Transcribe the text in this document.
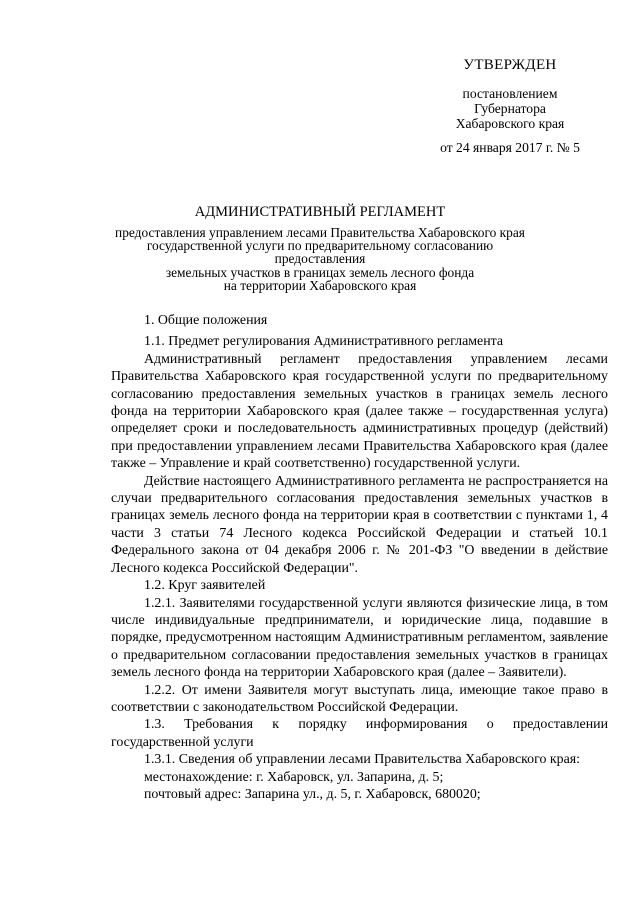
УТВЕРЖДЕН
постановлением
Губернатора
Хабаровского края
от 24 января 2017 г. № 5
АДМИНИСТРАТИВНЫЙ РЕГЛАМЕНТ
предоставления управлением лесами Правительства Хабаровского края
государственной услуги по предварительному согласованию предоставления
земельных участков в границах земель лесного фонда
на территории Хабаровского края

1. Общие положения

1.1. Предмет регулирования Административного регламента

Административный регламент предоставления управлением лесами Правительства Хабаровского края государственной услуги по предварительному согласованию предоставления земельных участков в границах земель лесного фонда на территории Хабаровского края (далее также – государственная услуга) определяет сроки и последовательность административных процедур (действий) при предоставлении управлением лесами Правительства Хабаровского края (далее также – Управление и край соответственно) государственной услуги.

Действие настоящего Административного регламента не распространяется на случаи предварительного согласования предоставления земельных участков в границах земель лесного фонда на территории края в соответствии с пунктами 1, 4 части 3 статьи 74 Лесного кодекса Российской Федерации и статьей 10.1 Федерального закона от 04 декабря 2006 г. № 201-ФЗ "О введении в действие Лесного кодекса Российской Федерации".

1.2. Круг заявителей

1.2.1. Заявителями государственной услуги являются физические лица, в том числе индивидуальные предприниматели, и юридические лица, подавшие в порядке, предусмотренном настоящим Административным регламентом, заявление о предварительном согласовании предоставления земельных участков в границах земель лесного фонда на территории Хабаровского края (далее – Заявители).

1.2.2. От имени Заявителя могут выступать лица, имеющие такое право в соответствии с законодательством Российской Федерации.

1.3. Требования к порядку информирования о предоставлении государственной услуги

1.3.1. Сведения об управлении лесами Правительства Хабаровского края:

местонахождение: г. Хабаровск, ул. Запарина, д. 5;

почтовый адрес: Запарина ул., д. 5, г. Хабаровск, 680020;
